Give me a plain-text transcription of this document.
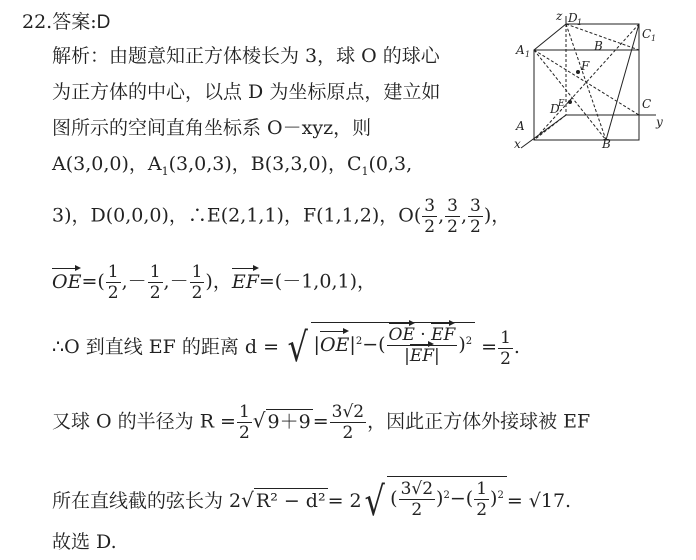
22.答案:D
解析：由题意知正方体棱长为 3，球 O 的球心
为正方体的中心，以点 D 为坐标原点，建立如
图所示的空间直角坐标系 O－xyz，则
A(3,0,0)，$A_1(3,0,3)$，B(3,3,0)，$C_1(0,3$,
3)，D(0,0,0)，∴E(2,1,1)，F(1,1,2)，$O( \frac{3}{2}$ , $\frac{3}{2}$ , $\frac{3}{2}$ )，
$OE=( \frac{1}{2}$ ,－ $\frac{1}{2}$ ,－ $\frac{1}{2}$ )，EF=(－1,0,1)，
∴O 到直线 EF 的距离 d = √ $|OE|^2-( \frac{OE \cdot EF}{|EF|} )^2 = \frac{1}{2}$ .
又球 O 的半径为 $R = \frac{1}{2}$ √ $9+9 = \frac{3√2}{2}$ ，因此正方体外接球被 EF
所在直线截的弦长为 2√ R² − d² = 2 √ ( $\frac{3√2}{2} )^2-( \frac{1}{2} )^2 = √17$.
故选 D.
z D 1
C 1
A 1
B
F
D
E	C
y
A
x	B
